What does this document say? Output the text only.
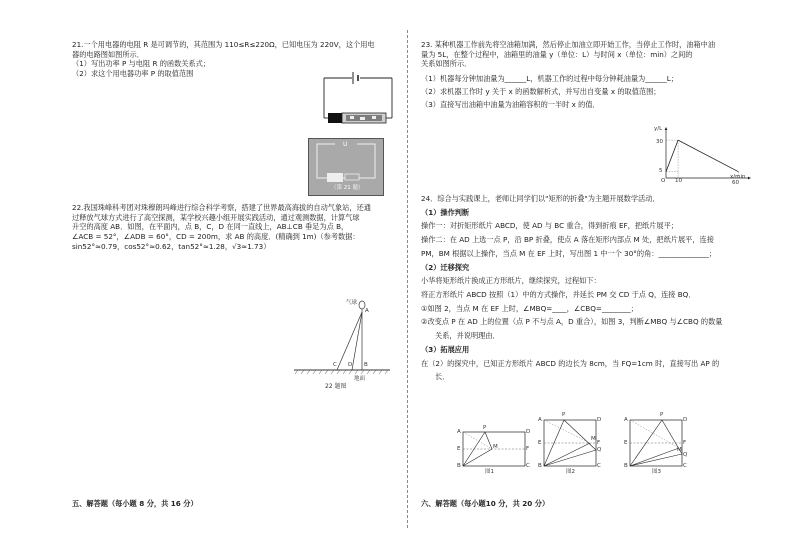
21.一个用电器的电阻 R 是可调节的，其范围为 110≤R≤220Ω，已知电压为 220V，这个用电

器的电路图如图所示．

（1）写出功率 P 与电阻 R 的函数关系式；

（2）求这个用电器功率 P 的取值范围

U
（第 21 题）

22.我国珠峰科考团对珠穆朗玛峰进行综合科学考察，搭建了世界最高海拔的自动气象站，还通

过释放气球方式进行了高空探测，某学校兴趣小组开展实践活动，通过观测数据，计算气球

升空的高度 AB．如图，在平面内，点 B，C，D 在同一直线上，AB⊥CB 垂足为点 B，

∠ACB = 52°，∠ADB = 60°，CD = 200m，求 AB 的高度．(精确到 1m)（参考数据：

sin52°≈0.79，cos52°≈0.62，tan52°≈1.28，√3≈1.73）

气球
A
C D B
地面
22 题图
五、解答题（每小题 8 分，共 16 分）

23. 某种机器工作前先将空油箱加满，然后停止加油立即开始工作，当停止工作时，油箱中油

量为 5L，在整个过程中，油箱里的油量 y（单位：L）与时间 x（单位：min）之间的

关系如图所示．

（1）机器每分钟加油量为______L，机器工作的过程中每分钟耗油量为______L；

（2）求机器工作时 y 关于 x 的函数解析式，并写出自变量 x 的取值范围；

（3）直接写出油箱中油量为油箱容积的一半时 x 的值．

y/L
x/min
30
5
O 10	60

24．综合与实践课上，老师让同学们以"矩形的折叠"为主题开展数学活动．

（1）操作判断

操作一：对折矩形纸片 ABCD，使 AD 与 BC 重合，得到折痕 EF，把纸片展平；

操作二：在 AD 上选一点 P，沿 BP 折叠，使点 A 落在矩形内部点 M 处，把纸片展平，连接

PM，BM 根据以上操作，当点 M 在 EF 上时，写出图 1 中一个 30°的角：______________；

（2）迁移探究

小华将矩形纸片换成正方形纸片，继续探究，过程如下：

将正方形纸片 ABCD 按照（1）中的方式操作，并延长 PM 交 CD 于点 Q，连接 BQ．

①如图 2，当点 M 在 EF 上时，∠MBQ=____，∠CBQ=________；

②改变点 P 在 AD 上的位置（点 P 不与点 A，D 重合），如图 3，判断∠MBQ 与∠CBQ 的数量

关系，并说明理由．

（3）拓展应用

在（2）的探究中，已知正方形纸片 ABCD 的边长为 8cm，当 FQ=1cm 时，直接写出 AP 的

长．

A
P
D
E	M	F
B	C
图1
A
P
D
E
M
F
Q
B	C
图2
A
P
D
E	F
M
Q
B	C
图3
六、解答题（每小题10 分，共 20 分）
